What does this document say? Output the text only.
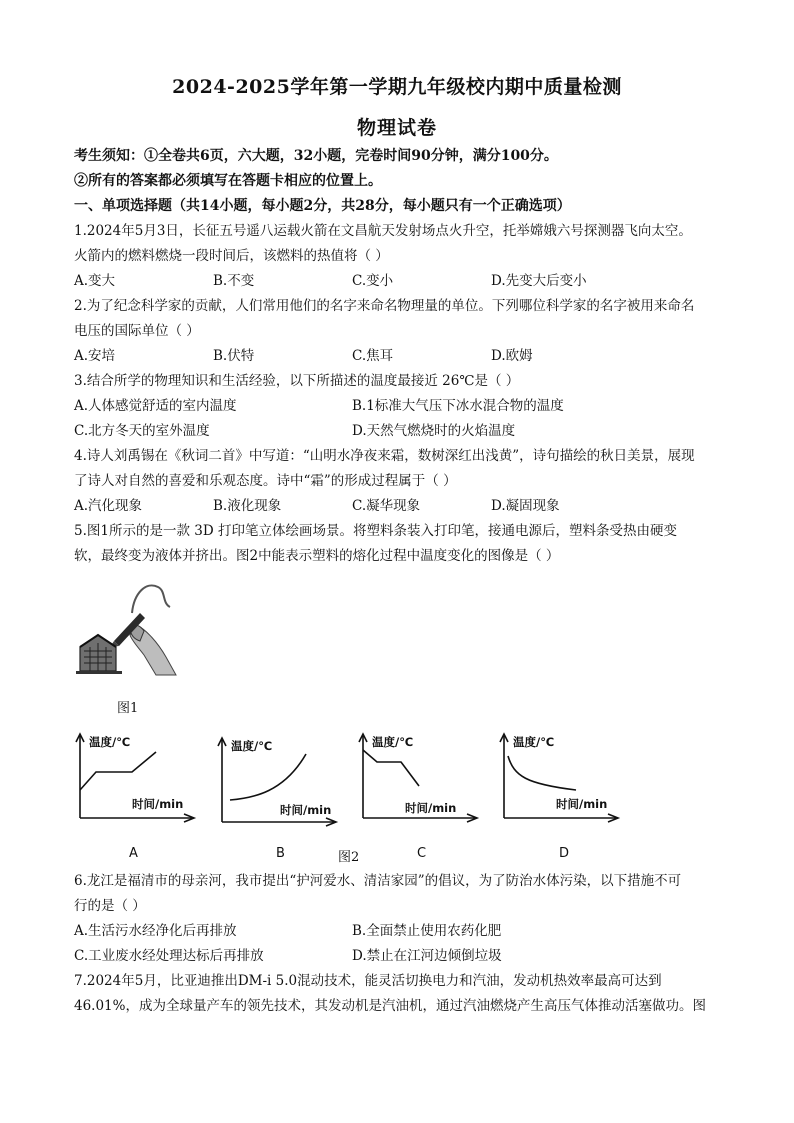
2024-2025学年第一学期九年级校内期中质量检测
物理试卷
考生须知：①全卷共6页，六大题，32小题，完卷时间90分钟，满分100分。
②所有的答案都必须填写在答题卡相应的位置上。
一、单项选择题（共14小题，每小题2分，共28分，每小题只有一个正确选项）
1.2024年5月3日，长征五号遥八运载火箭在文昌航天发射场点火升空，托举嫦娥六号探测器飞向太空。
火箭内的燃料燃烧一段时间后，该燃料的热值将（ ）
A.变大	B.不变	C.变小	D.先变大后变小
2.为了纪念科学家的贡献，人们常用他们的名字来命名物理量的单位。下列哪位科学家的名字被用来命名
电压的国际单位（ ）
A.安培	B.伏特	C.焦耳	D.欧姆
3.结合所学的物理知识和生活经验，以下所描述的温度最接近 26℃是（ ）
A.人体感觉舒适的室内温度	B.1标准大气压下冰水混合物的温度
C.北方冬天的室外温度	D.天然气燃烧时的火焰温度
4.诗人刘禹锡在《秋词二首》中写道：“山明水净夜来霜，数树深红出浅黄”，诗句描绘的秋日美景，展现
了诗人对自然的喜爱和乐观态度。诗中“霜”的形成过程属于（ ）
A.汽化现象	B.液化现象	C.凝华现象	D.凝固现象
5.图1所示的是一款 3D 打印笔立体绘画场景。将塑料条装入打印笔，接通电源后，塑料条受热由硬变
软，最终变为液体并挤出。图2中能表示塑料的熔化过程中温度变化的图像是（ ）
图1
温度/℃
时间/min
温度/℃
时间/min
温度/℃
时间/min
温度/℃
时间/min
A	B	图2	C	D
6.龙江是福清市的母亲河，我市提出“护河爱水、清洁家园”的倡议，为了防治水体污染，以下措施不可
行的是（ ）
A.生活污水经净化后再排放	B.全面禁止使用农药化肥
C.工业废水经处理达标后再排放	D.禁止在江河边倾倒垃圾
7.2024年5月，比亚迪推出DM-i 5.0混动技术，能灵活切换电力和汽油，发动机热效率最高可达到
46.01%，成为全球量产车的领先技术，其发动机是汽油机，通过汽油燃烧产生高压气体推动活塞做功。图
